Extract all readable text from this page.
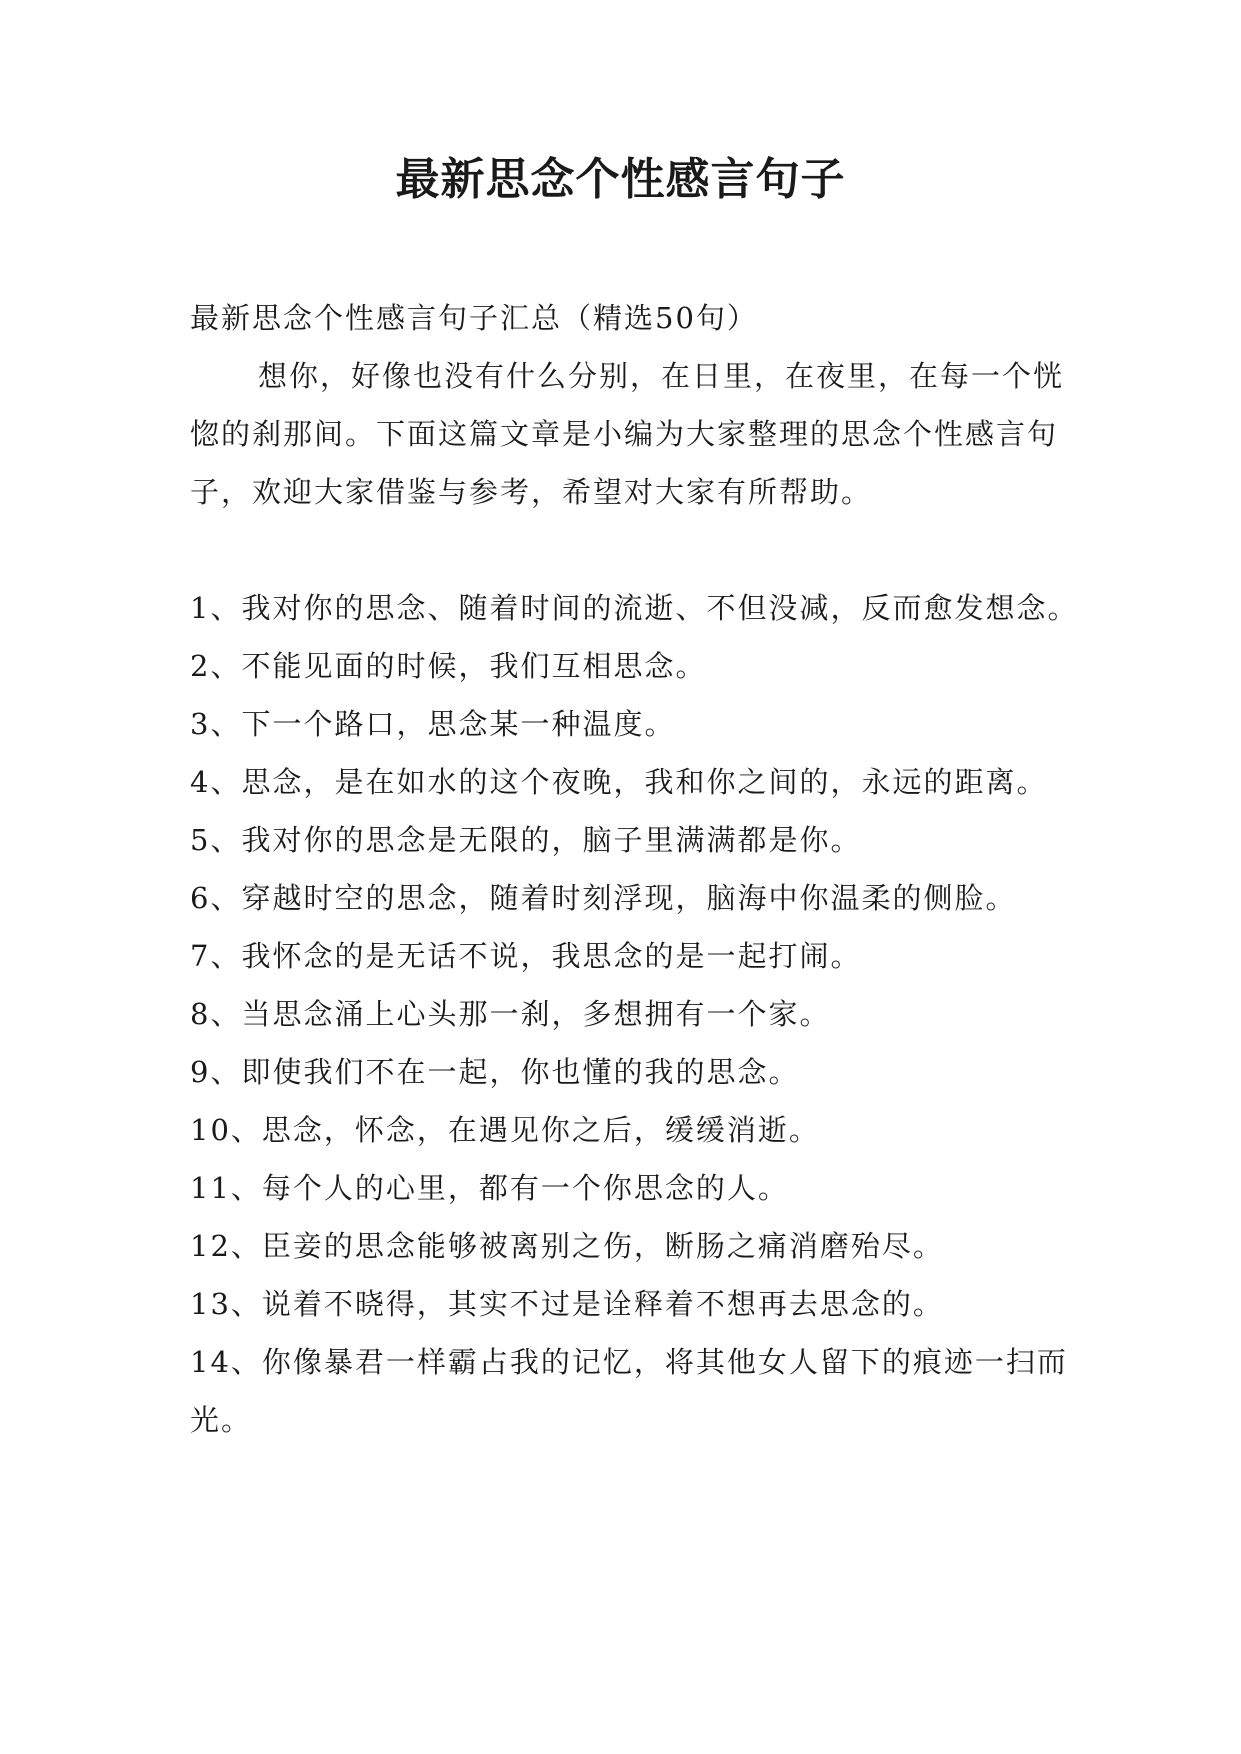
最新思念个性感言句子

最新思念个性感言句子汇总（精选50句）

想你，好像也没有什么分别，在日里，在夜里，在每一个恍惚的刹那间。下面这篇文章是小编为大家整理的思念个性感言句子，欢迎大家借鉴与参考，希望对大家有所帮助。

1、我对你的思念、随着时间的流逝、不但没减，反而愈发想念。

2、不能见面的时候，我们互相思念。

3、下一个路口，思念某一种温度。

4、思念，是在如水的这个夜晚，我和你之间的，永远的距离。

5、我对你的思念是无限的，脑子里满满都是你。

6、穿越时空的思念，随着时刻浮现，脑海中你温柔的侧脸。

7、我怀念的是无话不说，我思念的是一起打闹。

8、当思念涌上心头那一刹，多想拥有一个家。

9、即使我们不在一起，你也懂的我的思念。

10、思念，怀念，在遇见你之后，缓缓消逝。

11、每个人的心里，都有一个你思念的人。

12、臣妾的思念能够被离别之伤，断肠之痛消磨殆尽。

13、说着不晓得，其实不过是诠释着不想再去思念的。

14、你像暴君一样霸占我的记忆，将其他女人留下的痕迹一扫而光。
